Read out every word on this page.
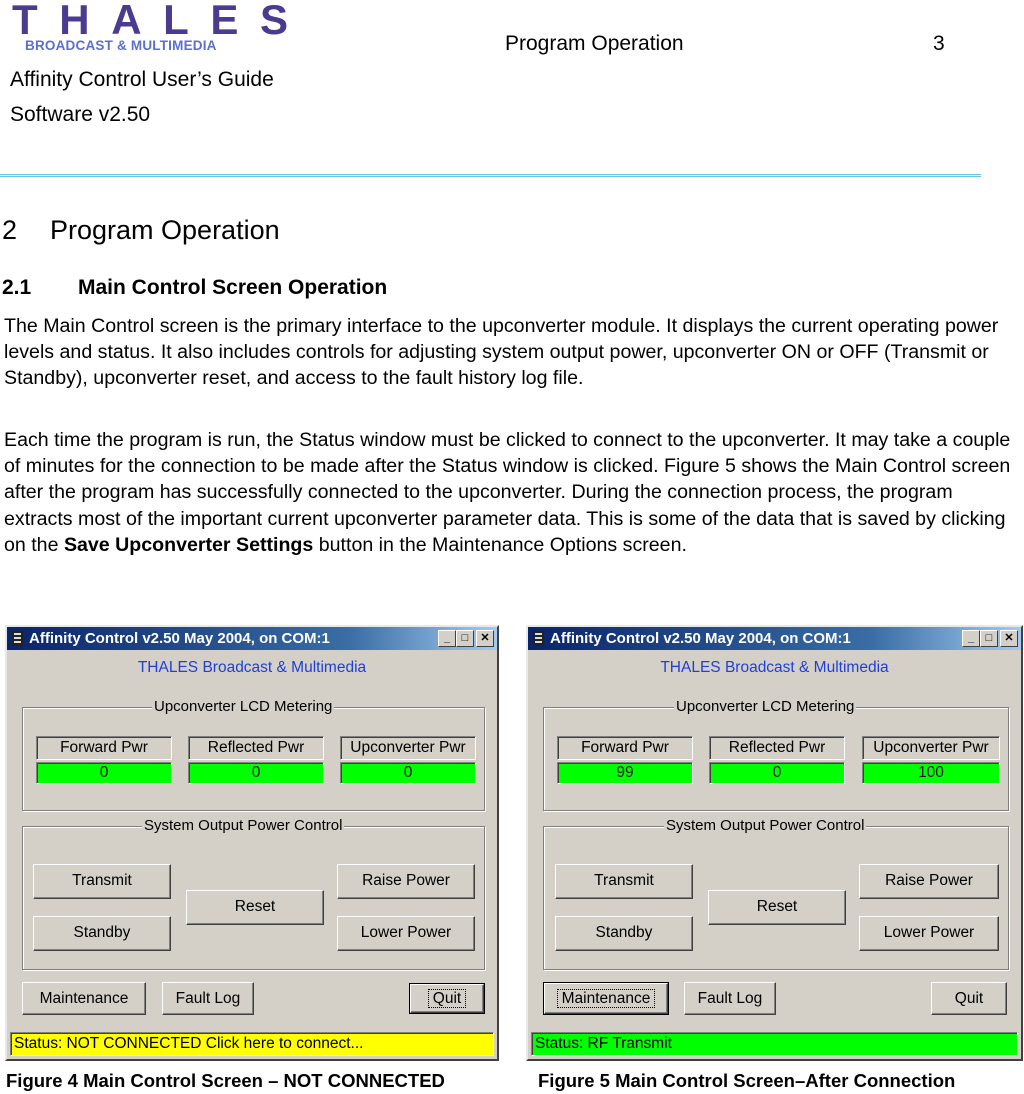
THALES
BROADCAST & MULTIMEDIA
Affinity Control User’s Guide
Software v2.50
Program Operation	3
2 Program Operation
2.1 Main Control Screen Operation

The Main Control screen is the primary interface to the upconverter module. It displays the current operating power levels and status. It also includes controls for adjusting system output power, upconverter ON or OFF (Transmit or Standby), upconverter reset, and access to the fault history log file.

Each time the program is run, the Status window must be clicked to connect to the upconverter. It may take a couple of minutes for the connection to be made after the Status window is clicked. Figure 5 shows the Main Control screen after the program has successfully connected to the upconverter. During the connection process, the program extracts most of the important current upconverter parameter data. This is some of the data that is saved by clicking on the Save Upconverter Settings button in the Maintenance Options screen.

Affinity Control v2.50 May 2004, on COM:1	_	□	✕
THALES Broadcast & Multimedia
Upconverter LCD Metering
Forward Pwr
0
Reflected Pwr
0
Upconverter Pwr
0
System Output Power Control
Transmit
Standby
Reset
Raise Power
Lower Power
Maintenance	Fault Log	Quit
Status: NOT CONNECTED Click here to connect...
Figure 4 Main Control Screen – NOT CONNECTED
Affinity Control v2.50 May 2004, on COM:1	_	□	✕
THALES Broadcast & Multimedia
Upconverter LCD Metering
Forward Pwr
99
Reflected Pwr
0
Upconverter Pwr
100
System Output Power Control
Transmit
Standby
Reset
Raise Power
Lower Power
Maintenance	Fault Log	Quit
Status: RF Transmit
Figure 5 Main Control Screen–After Connection
